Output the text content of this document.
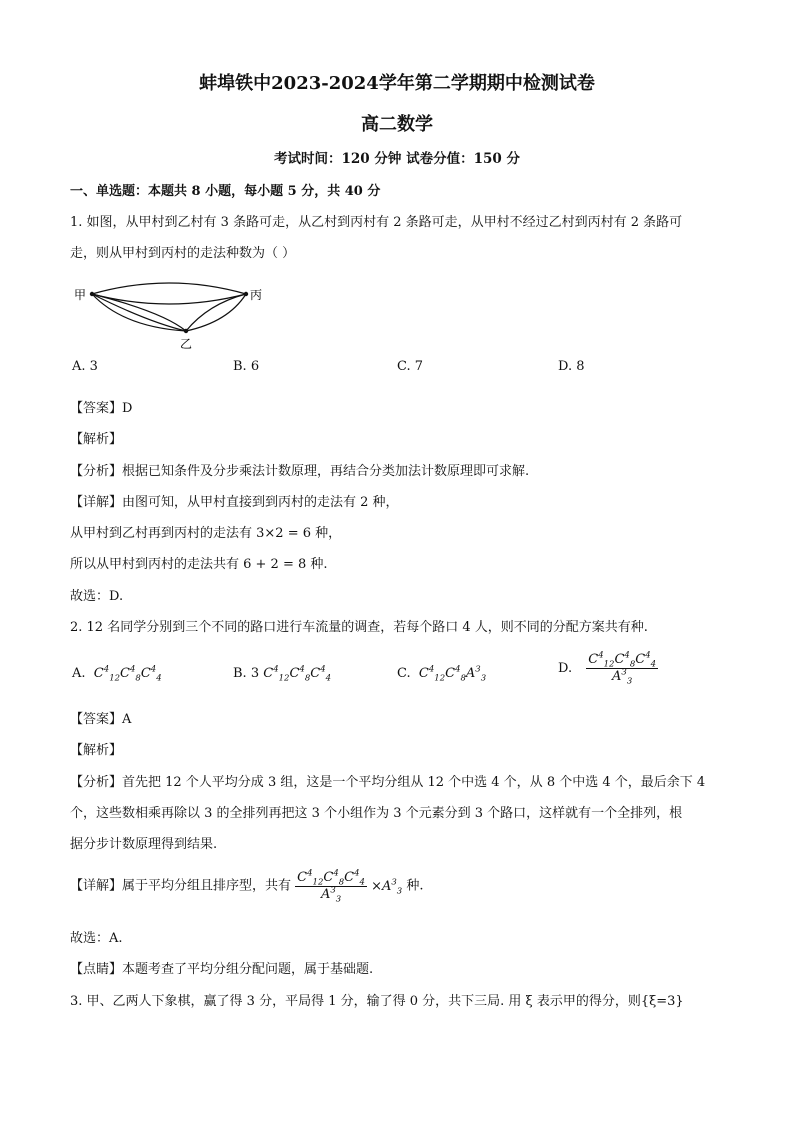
蚌埠铁中2023-2024学年第二学期期中检测试卷
高二数学
考试时间：120 分钟 试卷分值：150 分
一、单选题：本题共 8 小题，每小题 5 分，共 40 分
1. 如图，从甲村到乙村有 3 条路可走，从乙村到丙村有 2 条路可走，从甲村不经过乙村到丙村有 2 条路可
走，则从甲村到丙村的走法种数为（ ）
甲	丙
乙
A. 3	B. 6	C. 7	D. 8
【答案】D
【解析】
【分析】根据已知条件及分步乘法计数原理，再结合分类加法计数原理即可求解.
【详解】由图可知，从甲村直接到到丙村的走法有 2 种，
从甲村到乙村再到丙村的走法有 3×2 = 6 种，
所以从甲村到丙村的走法共有 6 + 2 = 8 种.
故选：D.
2. 12 名同学分别到三个不同的路口进行车流量的调查，若每个路口 4 人，则不同的分配方案共有种.
A.  $C^4_{12}C^4_8C^4_4$	B. 3 $C^4_{12}C^4_8C^4_4$	C.  $C^4_{12}C^4_8A^3_3$
D. $\frac{C^4_{12}C^4_8C^4_4}{A^3_3}$
【答案】A
【解析】
【分析】首先把 12 个人平均分成 3 组，这是一个平均分组从 12 个中选 4 个，从 8 个中选 4 个，最后余下 4
个，这些数相乘再除以 3 的全排列再把这 3 个小组作为 3 个元素分到 3 个路口，这样就有一个全排列，根
据分步计数原理得到结果.
【详解】属于平均分组且排序型，共有 $\frac{C^4_{12}C^4_8C^4_4}{A^3_3} \times A^3_3$ 种.
故选：A.
【点睛】本题考查了平均分组分配问题，属于基础题.
3. 甲、乙两人下象棋，赢了得 3 分，平局得 1 分，输了得 0 分，共下三局. 用 ξ 表示甲的得分，则{ξ=3}
